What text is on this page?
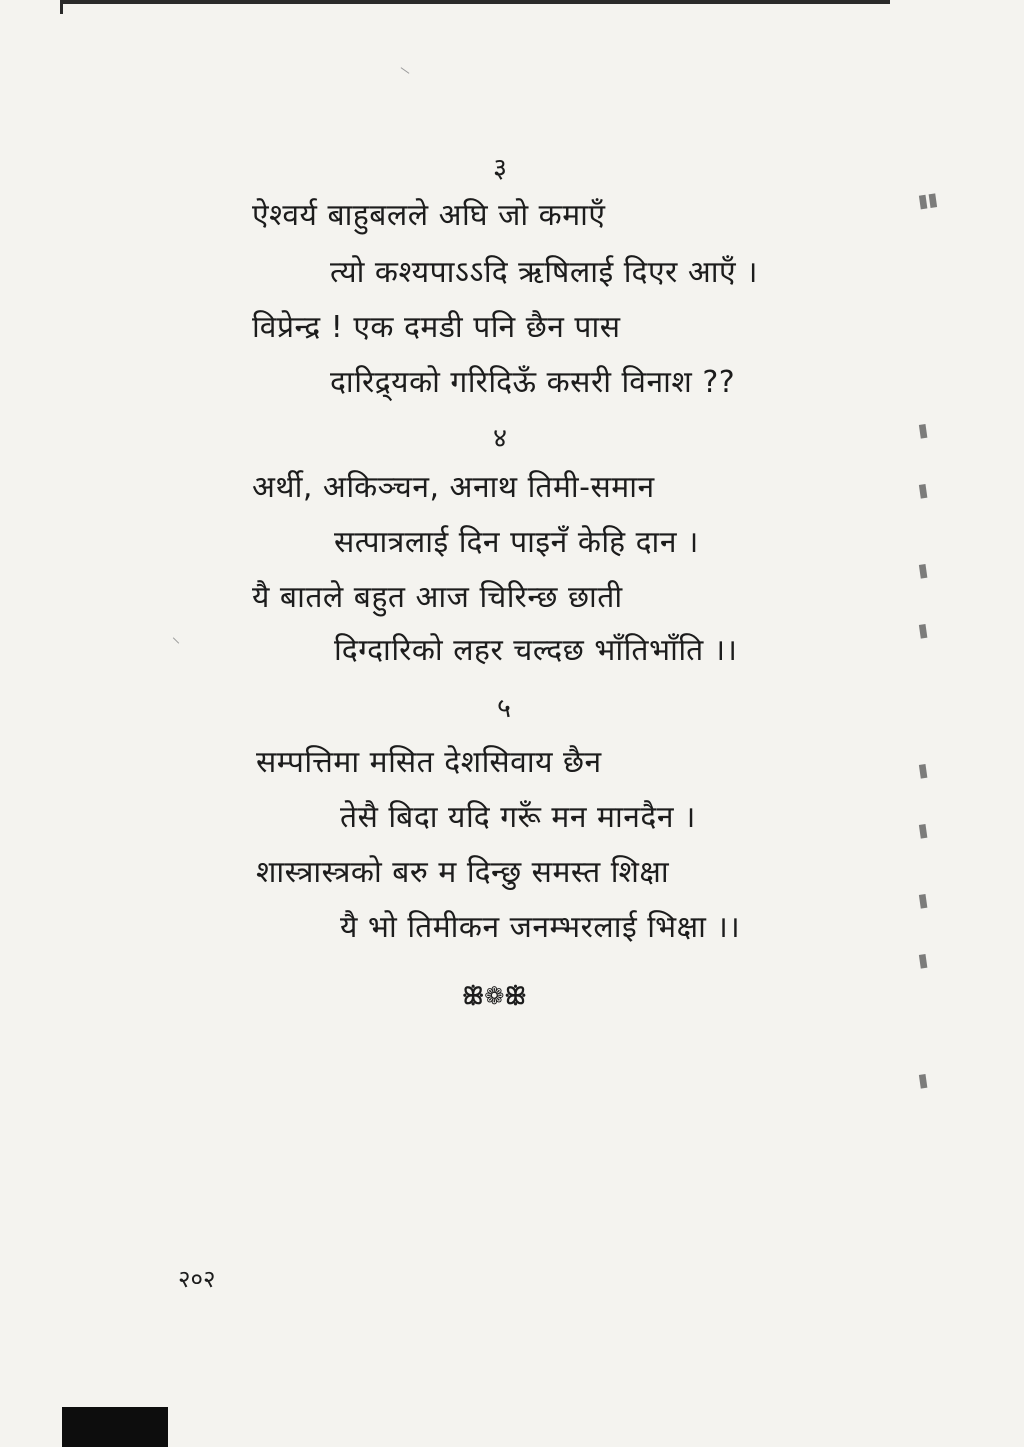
३
ऐश्वर्य बाहुबलले अघि जो कमाएँ
त्यो कश्यपाऽऽदि ऋषिलाई दिएर आएँ ।
विप्रेन्द्र ! एक दमडी पनि छैन पास
दारिद्र्यको गरिदिऊँ कसरी विनाश ??
४
अर्थी, अकिञ्चन, अनाथ तिमी-समान
सत्पात्रलाई दिन पाइनँ केहि दान ।
यै बातले बहुत आज चिरिन्छ छाती
दिग्दारिको लहर चल्दछ भाँतिभाँति ।।
५
सम्पत्तिमा मसित देशसिवाय छैन
तेसै बिदा यदि गरूँ मन मानदैन ।
शास्त्रास्त्रको बरु म दिन्छु समस्त शिक्षा
यै भो तिमीकन जनम्भरलाई भिक्षा ।।
ꕥ❁ꕥ
२०२
▮▮
▮
▮
▮
▮
▮
▮
▮
▮
▮
